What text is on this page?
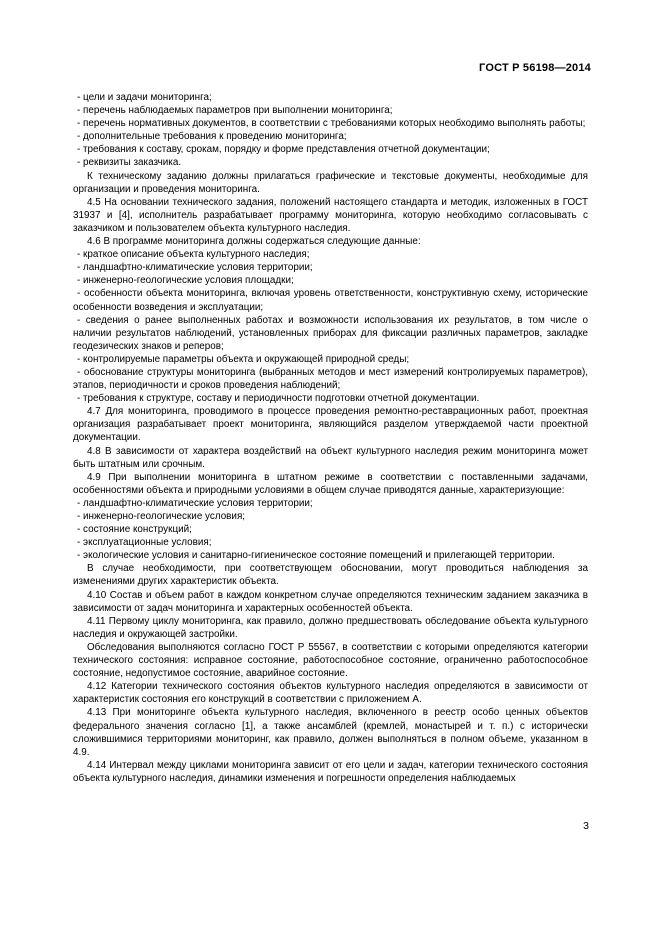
ГОСТ Р 56198—2014

- цели и задачи мониторинга;

- перечень наблюдаемых параметров при выполнении мониторинга;

- перечень нормативных документов, в соответствии с требованиями которых необходимо выполнять работы;

- дополнительные требования к проведению мониторинга;

- требования к составу, срокам, порядку и форме представления отчетной документации;

- реквизиты заказчика.

К техническому заданию должны прилагаться графические и текстовые документы, необходимые для организации и проведения мониторинга.

4.5 На основании технического задания, положений настоящего стандарта и методик, изложенных в ГОСТ 31937 и [4], исполнитель разрабатывает программу мониторинга, которую необходимо согласовывать с заказчиком и пользователем объекта культурного наследия.

4.6 В программе мониторинга должны содержаться следующие данные:

- краткое описание объекта культурного наследия;

- ландшафтно-климатические условия территории;

- инженерно-геологические условия площадки;

- особенности объекта мониторинга, включая уровень ответственности, конструктивную схему, исторические особенности возведения и эксплуатации;

- сведения о ранее выполненных работах и возможности использования их результатов, в том числе о наличии результатов наблюдений, установленных приборах для фиксации различных параметров, закладке геодезических знаков и реперов;

- контролируемые параметры объекта и окружающей природной среды;

- обоснование структуры мониторинга (выбранных методов и мест измерений контролируемых параметров), этапов, периодичности и сроков проведения наблюдений;

- требования к структуре, составу и периодичности подготовки отчетной документации.

4.7 Для мониторинга, проводимого в процессе проведения ремонтно-реставрационных работ, проектная организация разрабатывает проект мониторинга, являющийся разделом утверждаемой части проектной документации.

4.8 В зависимости от характера воздействий на объект культурного наследия режим мониторинга может быть штатным или срочным.

4.9 При выполнении мониторинга в штатном режиме в соответствии с поставленными задачами, особенностями объекта и природными условиями в общем случае приводятся данные, характеризующие:

- ландшафтно-климатические условия территории;

- инженерно-геологические условия;

- состояние конструкций;

- эксплуатационные условия;

- экологические условия и санитарно-гигиеническое состояние помещений и прилегающей территории.

В случае необходимости, при соответствующем обосновании, могут проводиться наблюдения за изменениями других характеристик объекта.

4.10 Состав и объем работ в каждом конкретном случае определяются техническим заданием заказчика в зависимости от задач мониторинга и характерных особенностей объекта.

4.11 Первому циклу мониторинга, как правило, должно предшествовать обследование объекта культурного наследия и окружающей застройки.

Обследования выполняются согласно ГОСТ Р 55567, в соответствии с которыми определяются категории технического состояния: исправное состояние, работоспособное состояние, ограниченно работоспособное состояние, недопустимое состояние, аварийное состояние.

4.12 Категории технического состояния объектов культурного наследия определяются в зависимости от характеристик состояния его конструкций в соответствии с приложением А.

4.13 При мониторинге объекта культурного наследия, включенного в реестр особо ценных объектов федерального значения согласно [1], а также ансамблей (кремлей, монастырей и т. п.) с исторически сложившимися территориями мониторинг, как правило, должен выполняться в полном объеме, указанном в 4.9.

4.14 Интервал между циклами мониторинга зависит от его цели и задач, категории технического состояния объекта культурного наследия, динамики изменения и погрешности определения наблюдаемых

3
